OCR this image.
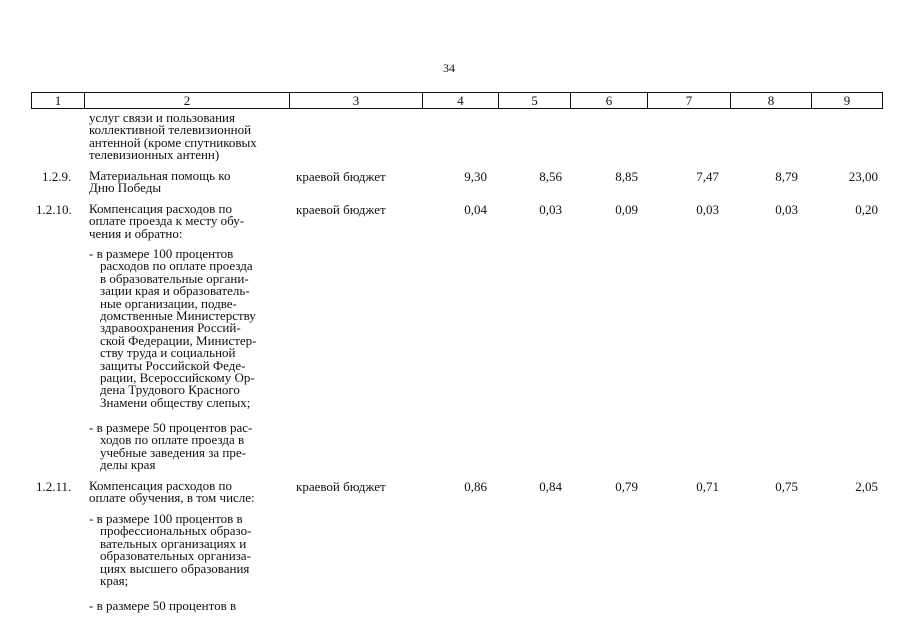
34
1	2	3	4	5	6	7	8	9
услуг связи и пользования
коллективной телевизионной
антенной (кроме спутниковых
телевизионных антенн)
1.2.9. Материальная помощь ко
Дню Победы
краевой бюджет	9,30	8,56	8,85	7,47	8,79	23,00
1.2.10. Компенсация расходов по
оплате проезда к месту обу-
чения и обратно:
краевой бюджет	0,04	0,03	0,09	0,03	0,03	0,20
- в размере 100 процентов
расходов по оплате проезда
в образовательные органи-
зации края и образователь-
ные организации, подве-
домственные Министерству
здравоохранения Россий-
ской Федерации, Министер-
ству труда и социальной
защиты Российской Феде-
рации, Всероссийскому Ор-
дена Трудового Красного
Знамени обществу слепых;
- в размере 50 процентов рас-
ходов по оплате проезда в
учебные заведения за пре-
делы края
1.2.11. Компенсация расходов по
оплате обучения, в том числе:
краевой бюджет	0,86	0,84	0,79	0,71	0,75	2,05
- в размере 100 процентов в
профессиональных образо-
вательных организациях и
образовательных организа-
циях высшего образования
края;
- в размере 50 процентов в
